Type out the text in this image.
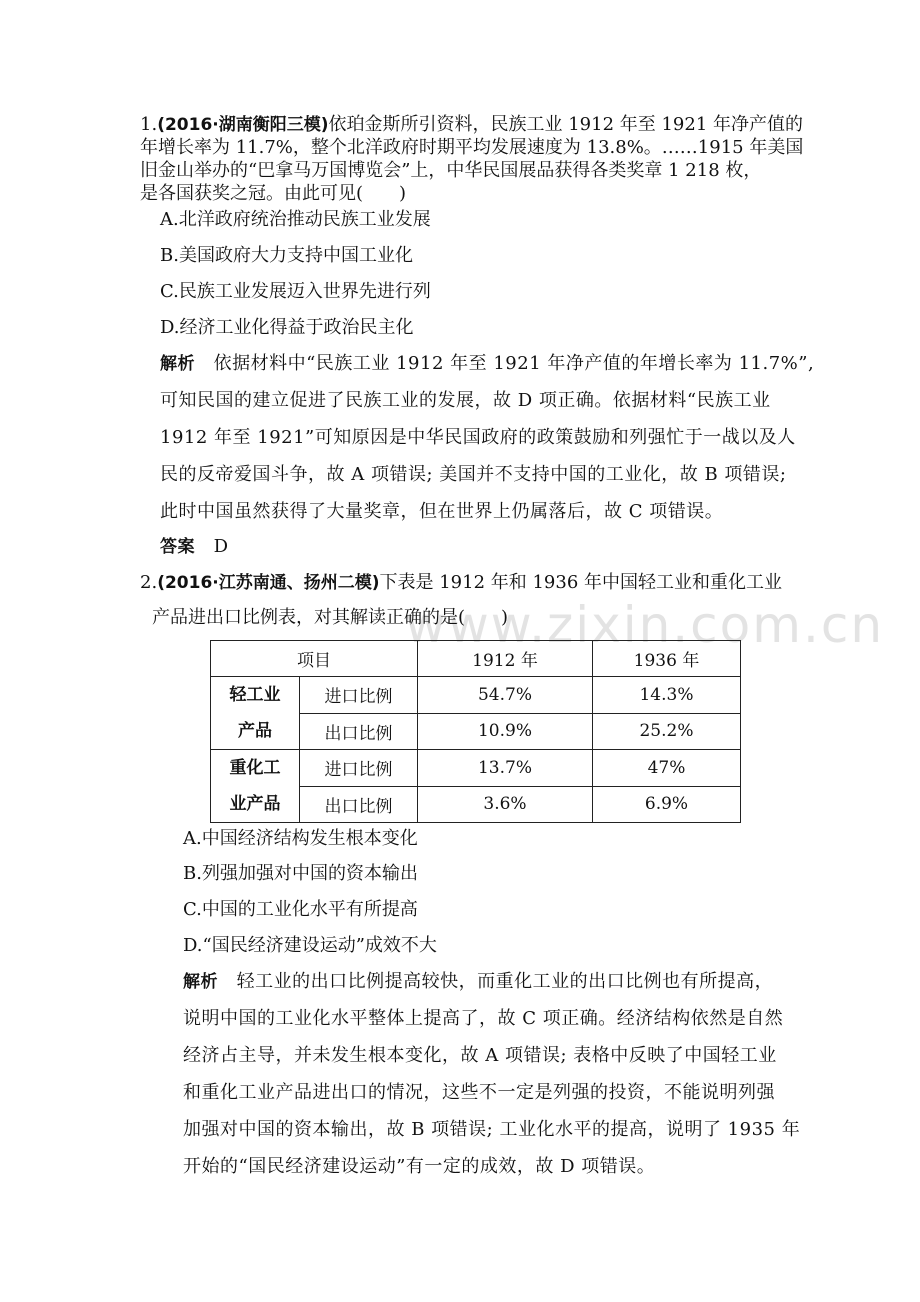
www.zixin.com.cn
1.(2016·湖南衡阳三模)依珀金斯所引资料，民族工业 1912 年至 1921 年净产值的
年增长率为 11.7%，整个北洋政府时期平均发展速度为 13.8%。……1915 年美国
旧金山举办的“巴拿马万国博览会”上，中华民国展品获得各类奖章 1 218 枚，
是各国获奖之冠。由此可见(　　)
A.北洋政府统治推动民族工业发展
B.美国政府大力支持中国工业化
C.民族工业发展迈入世界先进行列
D.经济工业化得益于政治民主化
解析 依据材料中“民族工业 1912 年至 1921 年净产值的年增长率为 11.7%”,
可知民国的建立促进了民族工业的发展，故 D 项正确。依据材料“民族工业
1912 年至 1921”可知原因是中华民国政府的政策鼓励和列强忙于一战以及人
民的反帝爱国斗争，故 A 项错误; 美国并不支持中国的工业化，故 B 项错误;
此时中国虽然获得了大量奖章，但在世界上仍属落后，故 C 项错误。
答案 D
2.(2016·江苏南通、扬州二模)下表是 1912 年和 1936 年中国轻工业和重化工业
产品进出口比例表，对其解读正确的是(　　)
项目		1912 年	1936 年

轻工业
产品	进口比例	54.7%	14.3%
	出口比例	10.9%	25.2%

重化工
业产品	进口比例	13.7%	47%
	出口比例	3.6%	6.9%
A.中国经济结构发生根本变化
B.列强加强对中国的资本输出
C.中国的工业化水平有所提高
D.“国民经济建设运动”成效不大
解析 轻工业的出口比例提高较快，而重化工业的出口比例也有所提高，
说明中国的工业化水平整体上提高了，故 C 项正确。经济结构依然是自然
经济占主导，并未发生根本变化，故 A 项错误; 表格中反映了中国轻工业
和重化工业产品进出口的情况，这些不一定是列强的投资，不能说明列强
加强对中国的资本输出，故 B 项错误; 工业化水平的提高，说明了 1935 年
开始的“国民经济建设运动”有一定的成效，故 D 项错误。
